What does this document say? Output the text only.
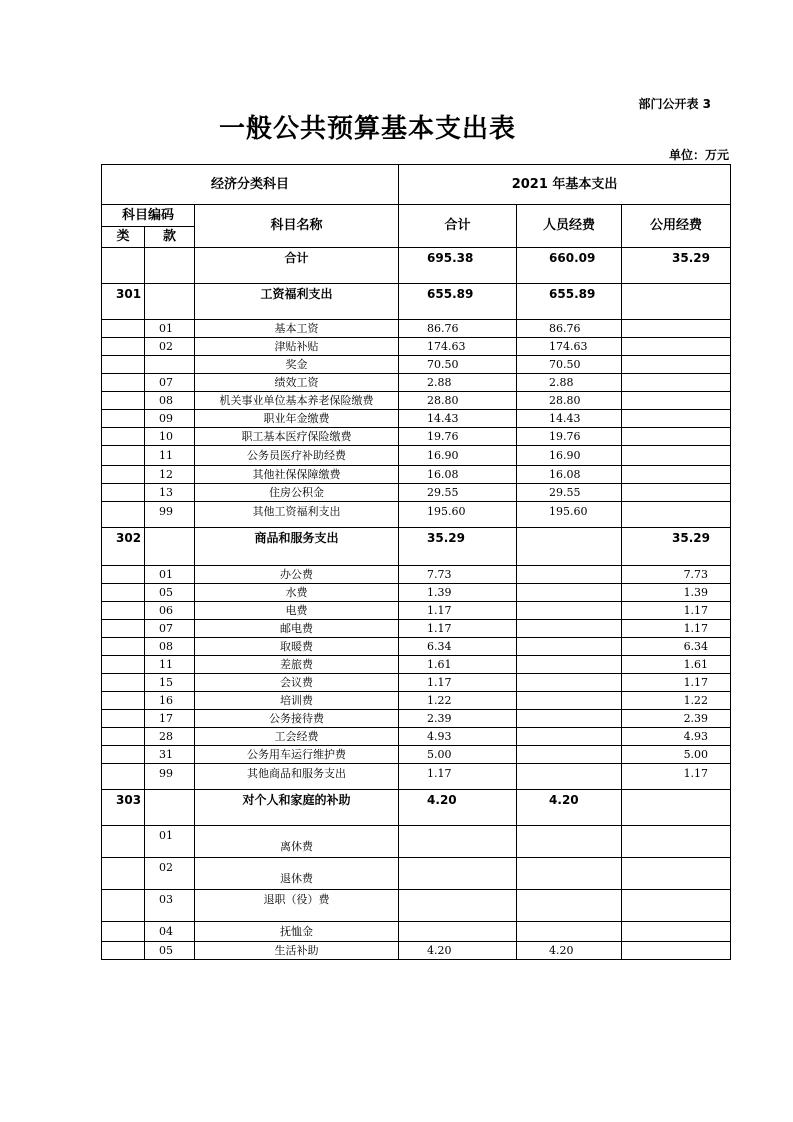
部门公开表 3
一般公共预算基本支出表
单位：万元
经济分类科目			2021 年基本支出		
科目编码		科目名称	合计	人员经费	公用经费
类	款				
		合计	695.38	660.09	35.29
301		工资福利支出	655.89	655.89	
	01	基本工资	86.76	86.76	
	02	津贴补贴	174.63	174.63	
		奖金	70.50	70.50	
	07	绩效工资	2.88	2.88	
	08	机关事业单位基本养老保险缴费	28.80	28.80	
	09	职业年金缴费	14.43	14.43	
	10	职工基本医疗保险缴费	19.76	19.76	
	11	公务员医疗补助经费	16.90	16.90	
	12	其他社保保障缴费	16.08	16.08	
	13	住房公积金	29.55	29.55	
	99	其他工资福利支出	195.60	195.60	
302		商品和服务支出	35.29		35.29
	01	办公费	7.73		7.73
	05	水费	1.39		1.39
	06	电费	1.17		1.17
	07	邮电费	1.17		1.17
	08	取暖费	6.34		6.34
	11	差旅费	1.61		1.61
	15	会议费	1.17		1.17
	16	培训费	1.22		1.22
	17	公务接待费	2.39		2.39
	28	工会经费	4.93		4.93
	31	公务用车运行维护费	5.00		5.00
	99	其他商品和服务支出	1.17		1.17
303		对个人和家庭的补助	4.20	4.20	
	01	离休费			
	02	退休费			
	03	退职（役）费			
	04	抚恤金			
	05	生活补助	4.20	4.20	
